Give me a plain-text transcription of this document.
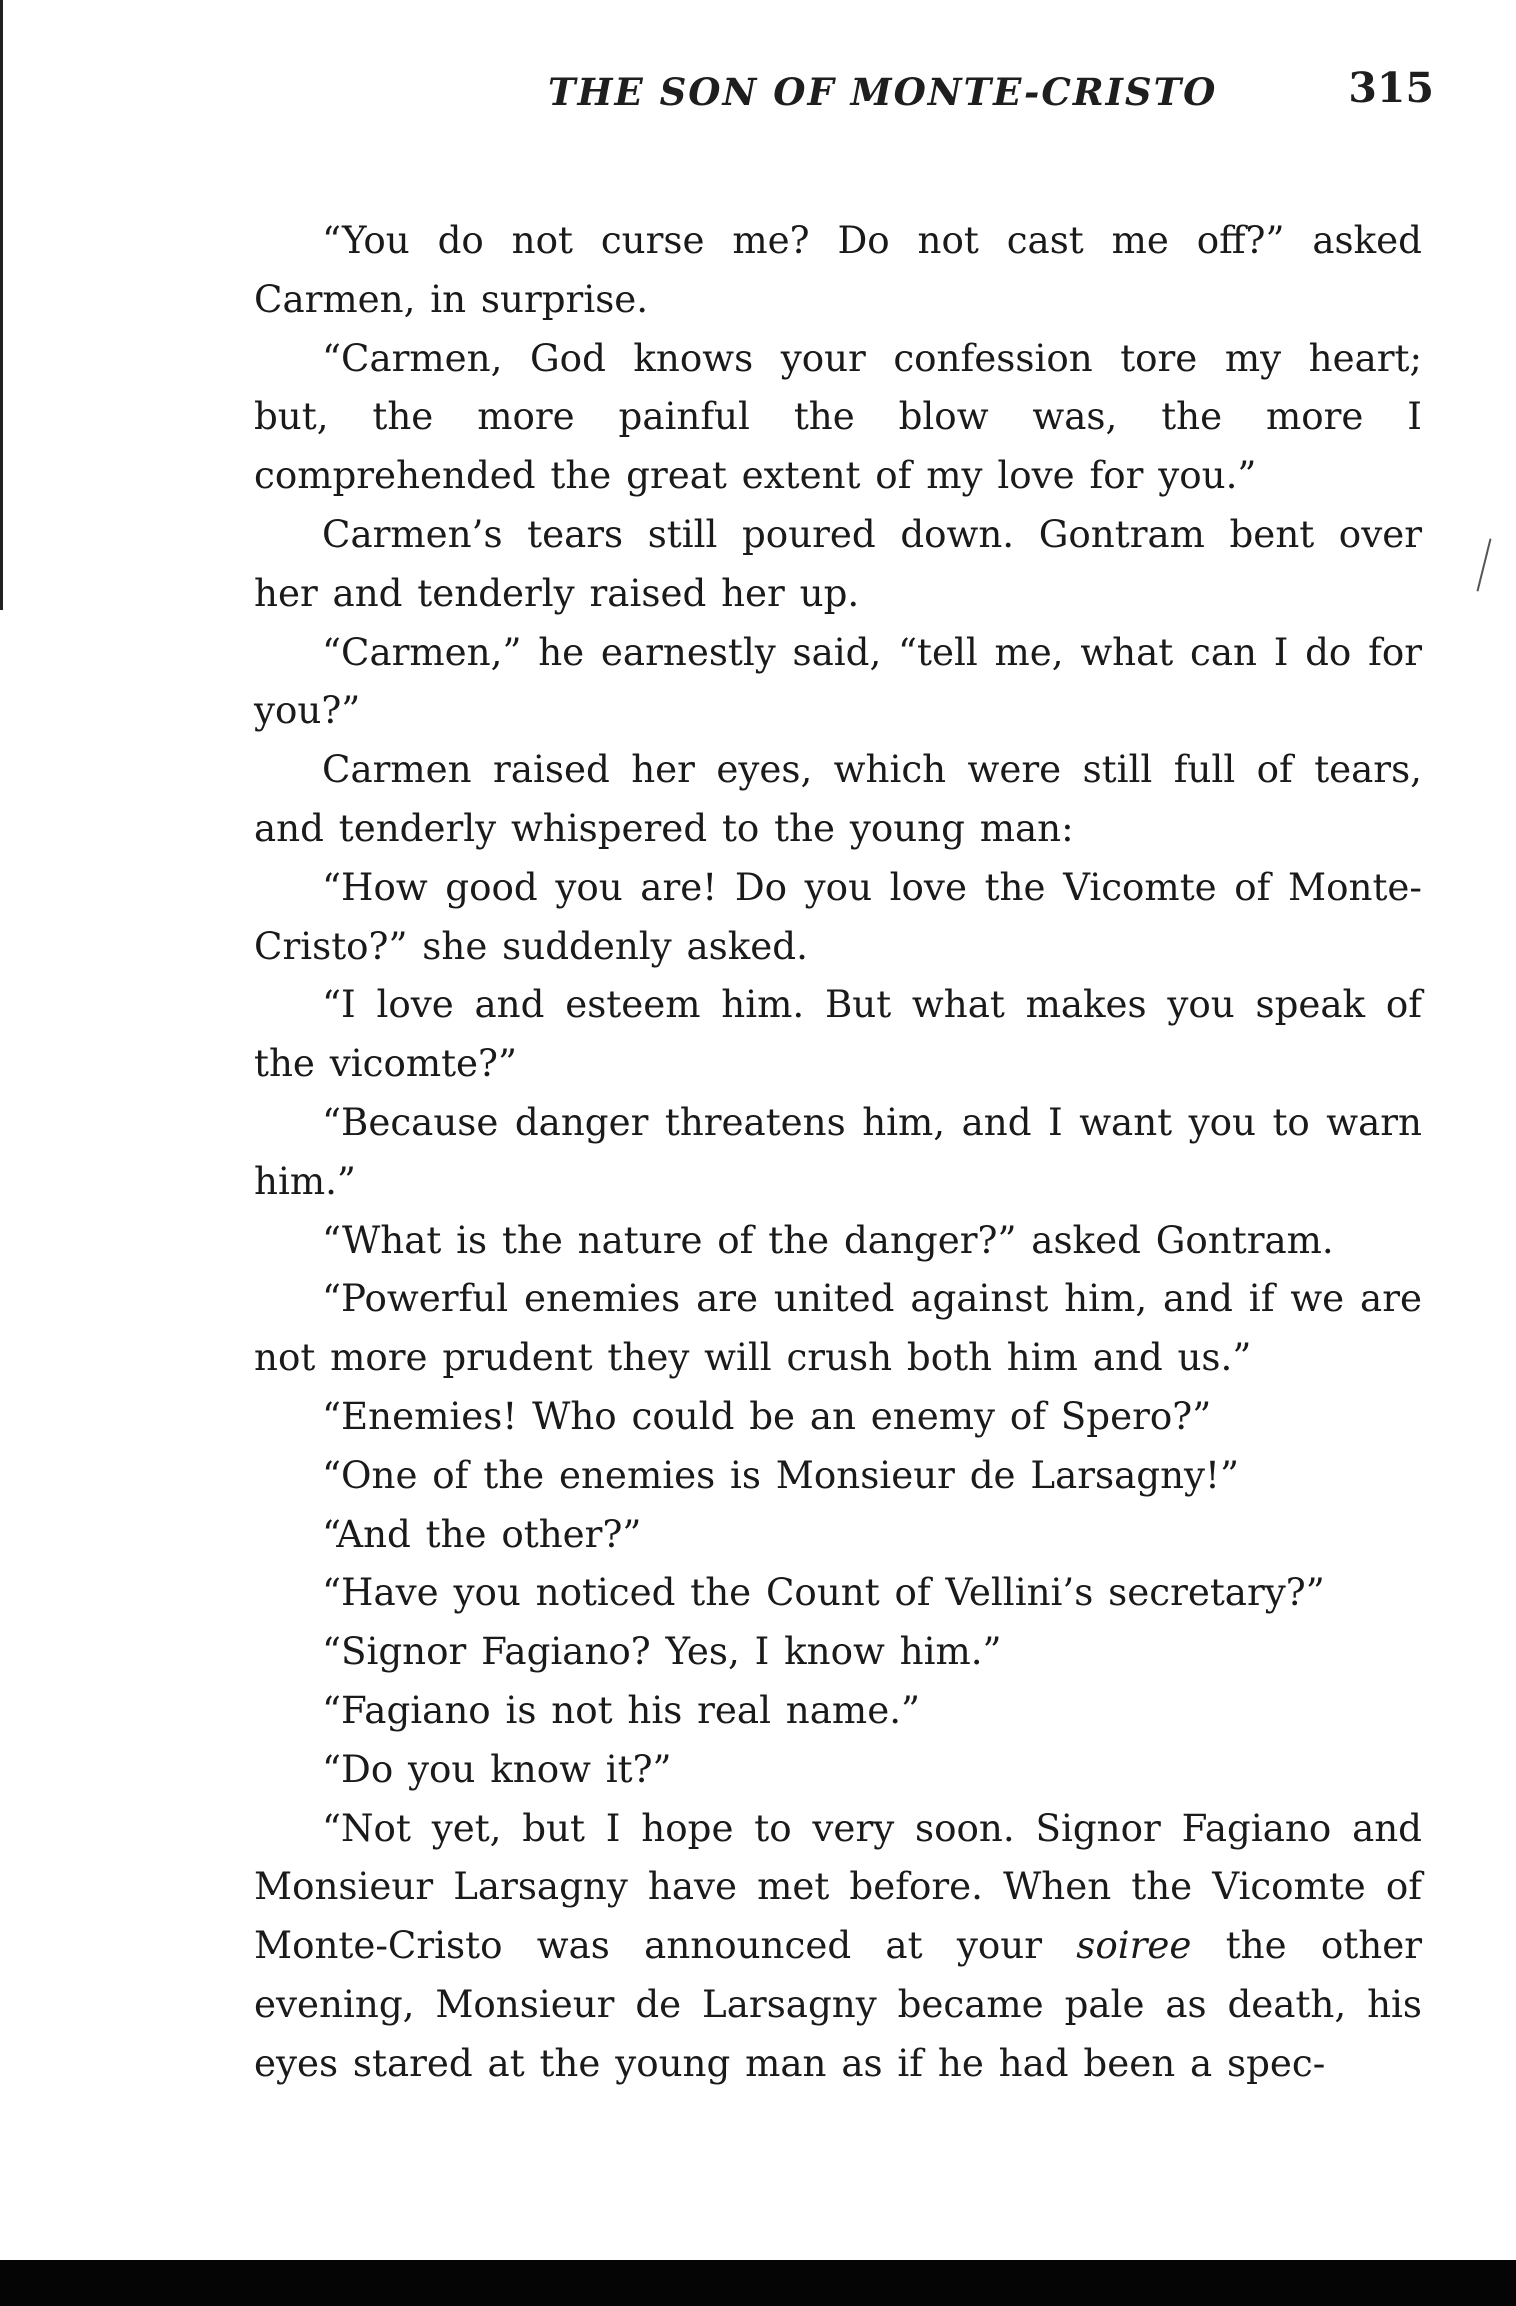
THE SON OF MONTE-CRISTO	315

“You do not curse me? Do not cast me off?” asked Carmen, in surprise.

“Carmen, God knows your confession tore my heart; but, the more painful the blow was, the more I comprehended the great extent of my love for you.”

Carmen’s tears still poured down. Gontram bent over her and tenderly raised her up.

“Carmen,” he earnestly said, “tell me, what can I do for you?”

Carmen raised her eyes, which were still full of tears, and tenderly whispered to the young man:

“How good you are! Do you love the Vicomte of Monte-Cristo?” she suddenly asked.

“I love and esteem him. But what makes you speak of the vicomte?”

“Because danger threatens him, and I want you to warn him.”

“What is the nature of the danger?” asked Gontram.

“Powerful enemies are united against him, and if we are not more prudent they will crush both him and us.”

“Enemies! Who could be an enemy of Spero?”

“One of the enemies is Monsieur de Larsagny!”

“And the other?”

“Have you noticed the Count of Vellini’s secretary?”

“Signor Fagiano? Yes, I know him.”

“Fagiano is not his real name.”

“Do you know it?”

“Not yet, but I hope to very soon. Signor Fagiano and Monsieur Larsagny have met before. When the Vicomte of Monte-Cristo was announced at your soiree the other evening, Monsieur de Larsagny became pale as death, his eyes stared at the young man as if he had been a spec-
